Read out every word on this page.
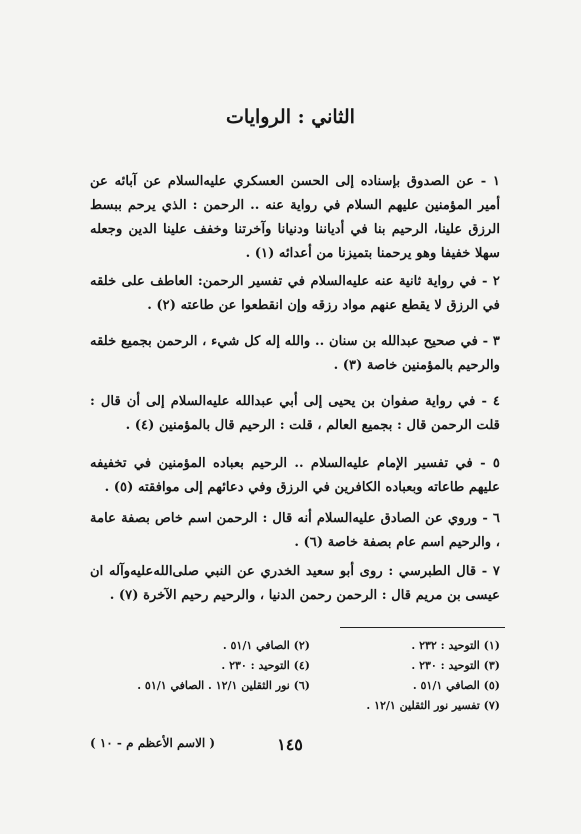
الثاني : الروايات

١ - عن الصدوق بإسناده إلى الحسن العسكري عليه‌السلام عن آبائه عن أمير المؤمنين عليهم السلام في رواية عنه .. الرحمن : الذي يرحم ببسط الرزق علينا، الرحيم بنا في أدياننا ودنيانا وآخرتنا وخفف علينا الدين وجعله سهلا خفيفا وهو يرحمنا بتميزنا من أعدائه (١) .

٢ - في رواية ثانية عنه عليه‌السلام في تفسير الرحمن: العاطف على خلقه في الرزق لا يقطع عنهم مواد رزقه وإن انقطعوا عن طاعته (٢) .

٣ - في صحيح عبدالله بن سنان .. والله إله كل شيء ، الرحمن بجميع خلقه والرحيم بالمؤمنين خاصة (٣) .

٤ - في رواية صفوان بن يحيى إلى أبي عبدالله عليه‌السلام إلى أن قال : قلت الرحمن قال : بجميع العالم ، قلت : الرحيم قال بالمؤمنين (٤) .

٥ - في تفسير الإمام عليه‌السلام .. الرحيم بعباده المؤمنين في تخفيفه عليهم طاعاته وبعباده الكافرين في الرزق وفي دعائهم إلى موافقته (٥) .

٦ - وروي عن الصادق عليه‌السلام أنه قال : الرحمن اسم خاص بصفة عامة ، والرحيم اسم عام بصفة خاصة (٦) .

٧ - قال الطبرسي : روى أبو سعيد الخدري عن النبي صلى‌الله‌عليه‌وآله ان عيسى بن مريم قال : الرحمن رحمن الدنيا ، والرحيم رحيم الآخرة (٧) .

(١) التوحيد : ٢٣٢ .
(٢) الصافي ٥١/١ .
(٣) التوحيد : ٢٣٠ .
(٤) التوحيد : ٢٣٠ .
(٥) الصافي ٥١/١ .
(٦) نور الثقلين ١٢/١ . الصافي ٥١/١ .
(٧) تفسير نور الثقلين ١٢/١ .
١٤٥
( الاسم الأعظم م - ١٠ )
